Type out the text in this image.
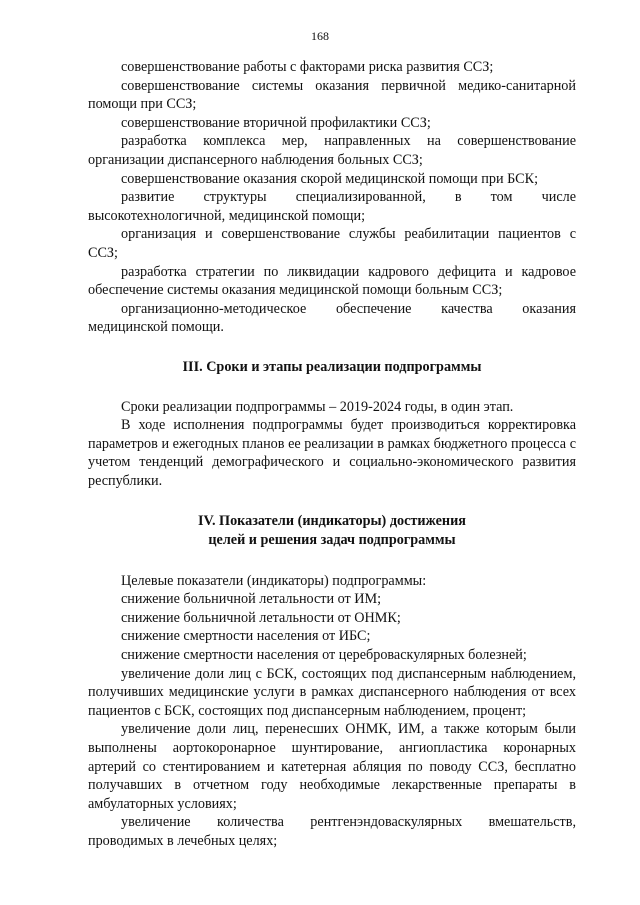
168

совершенствование работы с факторами риска развития ССЗ;

совершенствование системы оказания первичной медико-санитарной помощи при ССЗ;

совершенствование вторичной профилактики ССЗ;

разработка комплекса мер, направленных на совершенствование организации диспансерного наблюдения больных ССЗ;

совершенствование оказания скорой медицинской помощи при БСК;

развитие структуры специализированной, в том числе высокотехнологичной, медицинской помощи;

организация и совершенствование службы реабилитации пациентов с ССЗ;

разработка стратегии по ликвидации кадрового дефицита и кадровое обеспечение системы оказания медицинской помощи больным ССЗ;

организационно-методическое обеспечение качества оказания медицинской помощи.

III. Сроки и этапы реализации подпрограммы

Сроки реализации подпрограммы – 2019-2024 годы, в один этап.

В ходе исполнения подпрограммы будет производиться корректировка параметров и ежегодных планов ее реализации в рамках бюджетного процесса с учетом тенденций демографического и социально-экономического развития республики.

IV. Показатели (индикаторы) достижения

целей и решения задач подпрограммы

Целевые показатели (индикаторы) подпрограммы:

снижение больничной летальности от ИМ;

снижение больничной летальности от ОНМК;

снижение смертности населения от ИБС;

снижение смертности населения от цереброваскулярных болезней;

увеличение доли лиц с БСК, состоящих под диспансерным наблюдением, получивших медицинские услуги в рамках диспансерного наблюдения от всех пациентов с БСК, состоящих под диспансерным наблюдением, процент;

увеличение доли лиц, перенесших ОНМК, ИМ, а также которым были выполнены аортокоронарное шунтирование, ангиопластика коронарных артерий со стентированием и катетерная абляция по поводу ССЗ, бесплатно получавших в отчетном году необходимые лекарственные препараты в амбулаторных условиях;

увеличение количества рентгенэндоваскулярных вмешательств, проводимых в лечебных целях;
